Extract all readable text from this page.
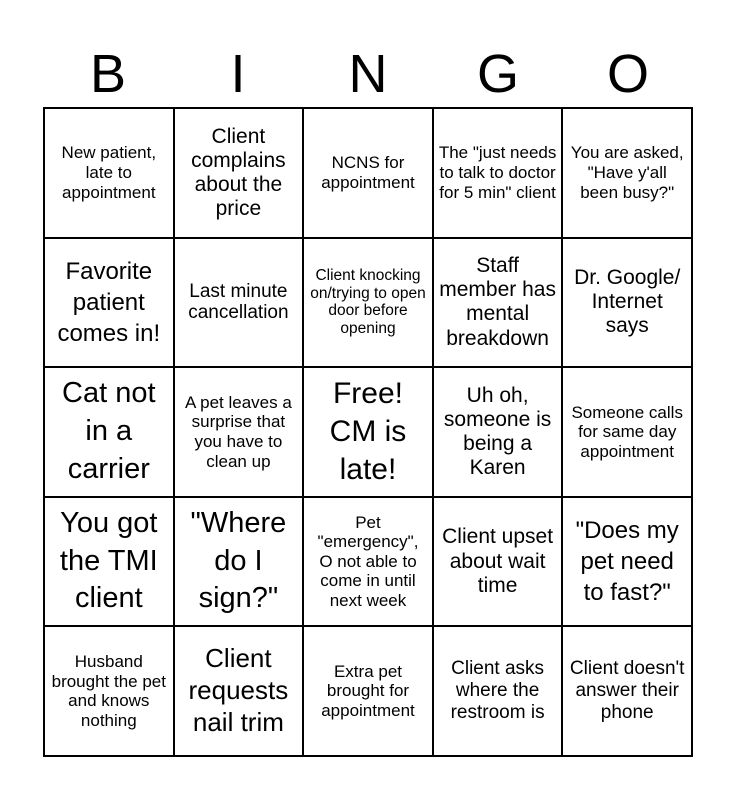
B	I	N	G	O
New patient, late to appointment
Client complains about the price
NCNS for appointment
The "just needs to talk to doctor for 5 min" client
You are asked, "Have y'all been busy?"
Favorite patient comes in!
Last minute cancellation
Client knocking on/trying to open door before opening
Staff member has mental breakdown
Dr. Google/ Internet says
Cat not in a carrier
A pet leaves a surprise that you have to clean up
Free! CM is late!
Uh oh, someone is being a Karen
Someone calls for same day appointment
You got the TMI client
"Where do I sign?"
Pet "emergency", O not able to come in until next week
Client upset about wait time
"Does my pet need to fast?"
Husband brought the pet and knows nothing
Client requests nail trim
Extra pet brought for appointment
Client asks where the restroom is
Client doesn't answer their phone
